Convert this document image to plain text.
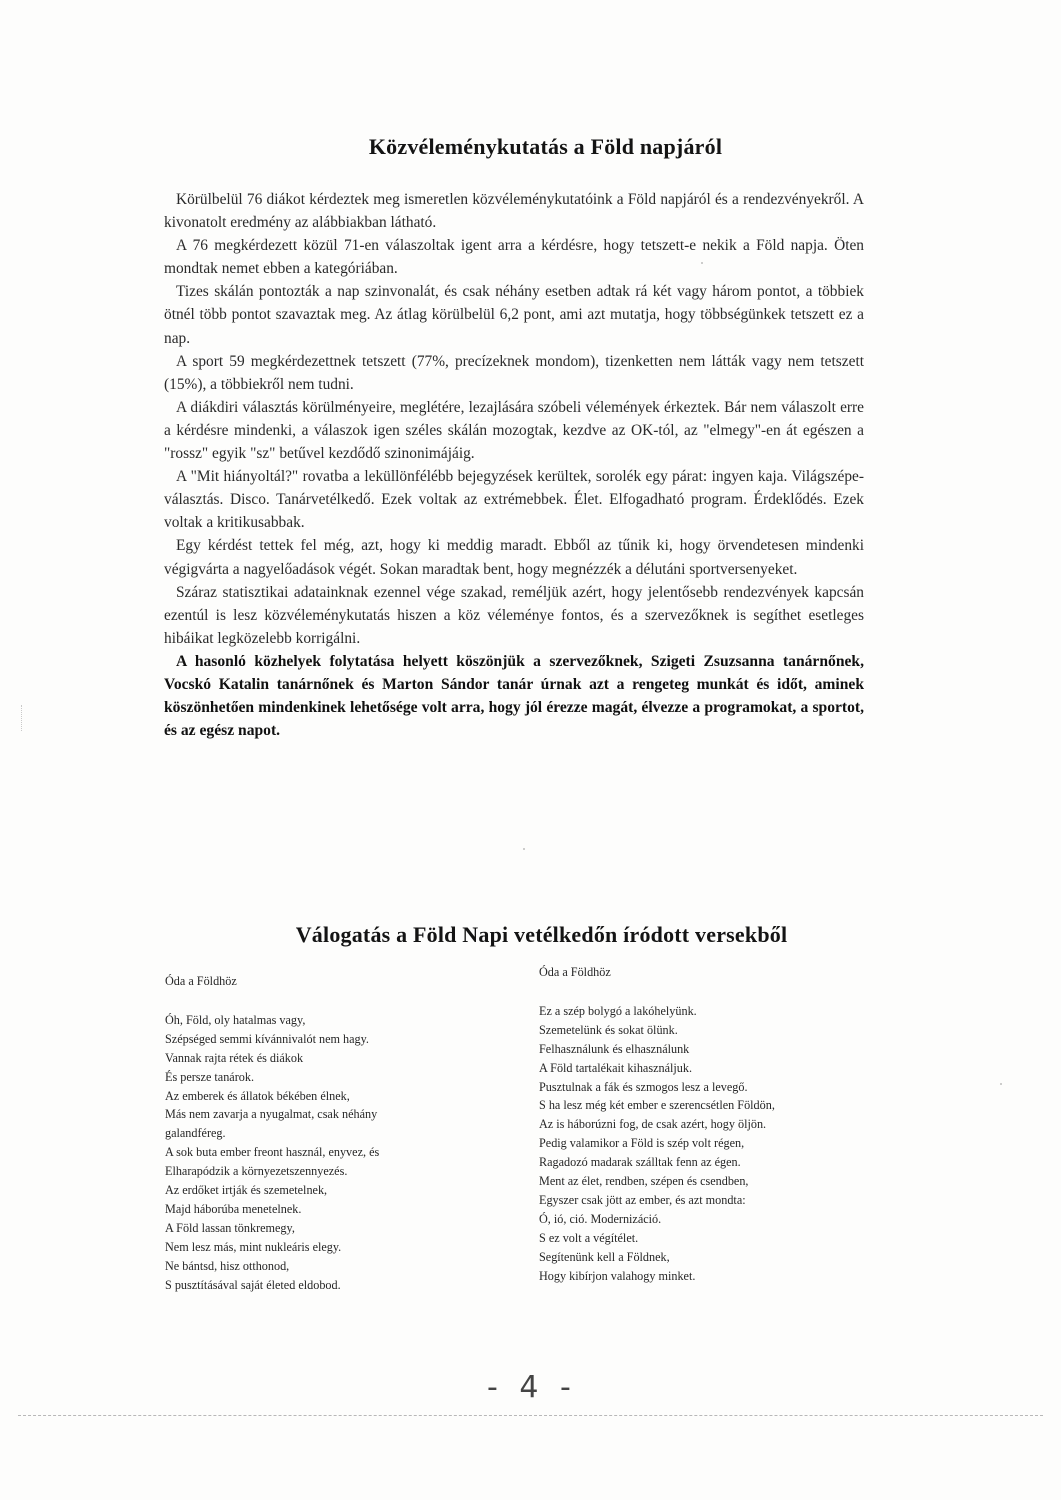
Közvéleménykutatás a Föld napjáról

Körülbelül 76 diákot kérdeztek meg ismeretlen közvéleménykutatóink a Föld napjáról és a rendezvényekről. A kivonatolt eredmény az alábbiakban látható.

A 76 megkérdezett közül 71-en válaszoltak igent arra a kérdésre, hogy tetszett-e nekik a Föld napja. Öten mondtak nemet ebben a kategóriában.

Tizes skálán pontozták a nap szinvonalát, és csak néhány esetben adtak rá két vagy három pontot, a többiek ötnél több pontot szavaztak meg. Az átlag körülbelül 6,2 pont, ami azt mutatja, hogy többségünkek tetszett ez a nap.

A sport 59 megkérdezettnek tetszett (77%, precízeknek mondom), tizenketten nem látták vagy nem tetszett (15%), a többiekről nem tudni.

A diákdiri választás körülményeire, meglétére, lezajlására szóbeli vélemények érkeztek. Bár nem válaszolt erre a kérdésre mindenki, a válaszok igen széles skálán mozogtak, kezdve az OK-tól, az "elmegy"-en át egészen a "rossz" egyik "sz" betűvel kezdődő szinonimájáig.

A "Mit hiányoltál?" rovatba a leküllönfélébb bejegyzések kerültek, sorolék egy párat: ingyen kaja. Világszépe-választás. Disco. Tanárvetélkedő. Ezek voltak az extrémebbek. Élet. Elfogadható program. Érdeklődés. Ezek voltak a kritikusabbak.

Egy kérdést tettek fel még, azt, hogy ki meddig maradt. Ebből az tűnik ki, hogy örvendetesen mindenki végigvárta a nagyelőadások végét. Sokan maradtak bent, hogy megnézzék a délutáni sportversenyeket.

Száraz statisztikai adatainknak ezennel vége szakad, reméljük azért, hogy jelentősebb rendezvények kapcsán ezentúl is lesz közvéleménykutatás hiszen a köz véleménye fontos, és a szervezőknek is segíthet esetleges hibáikat legközelebb korrigálni.

A hasonló közhelyek folytatása helyett köszönjük a szervezőknek, Szigeti Zsuzsanna tanárnőnek, Vocskó Katalin tanárnőnek és Marton Sándor tanár úrnak azt a rengeteg munkát és időt, aminek köszönhetően mindenkinek lehetősége volt arra, hogy jól érezze magát, élvezze a programokat, a sportot, és az egész napot.

Válogatás a Föld Napi vetélkedőn íródott versekből
Óda a Földhöz
Óh, Föld, oly hatalmas vagy,
Szépséged semmi kívánnivalót nem hagy.
Vannak rajta rétek és diákok
És persze tanárok.
Az emberek és állatok békében élnek,
Más nem zavarja a nyugalmat, csak néhány
galandféreg.
A sok buta ember freont használ, enyvez, és
Elharapódzik a környezetszennyezés.
Az erdőket irtják és szemetelnek,
Majd háborúba menetelnek.
A Föld lassan tönkremegy,
Nem lesz más, mint nukleáris elegy.
Ne bántsd, hisz otthonod,
S pusztításával saját életed eldobod.
Óda a Földhöz
Ez a szép bolygó a lakóhelyünk.
Szemetelünk és sokat ölünk.
Felhasználunk és elhasználunk
A Föld tartalékait kihasználjuk.
Pusztulnak a fák és szmogos lesz a levegő.
S ha lesz még két ember e szerencsétlen Földön,
Az is háborúzni fog, de csak azért, hogy öljön.
Pedig valamikor a Föld is szép volt régen,
Ragadozó madarak szálltak fenn az égen.
Ment az élet, rendben, szépen és csendben,
Egyszer csak jött az ember, és azt mondta:
Ó, ió, ció. Modernizáció.
S ez volt a végítélet.
Segítenünk kell a Földnek,
Hogy kibírjon valahogy minket.
- 4 -
